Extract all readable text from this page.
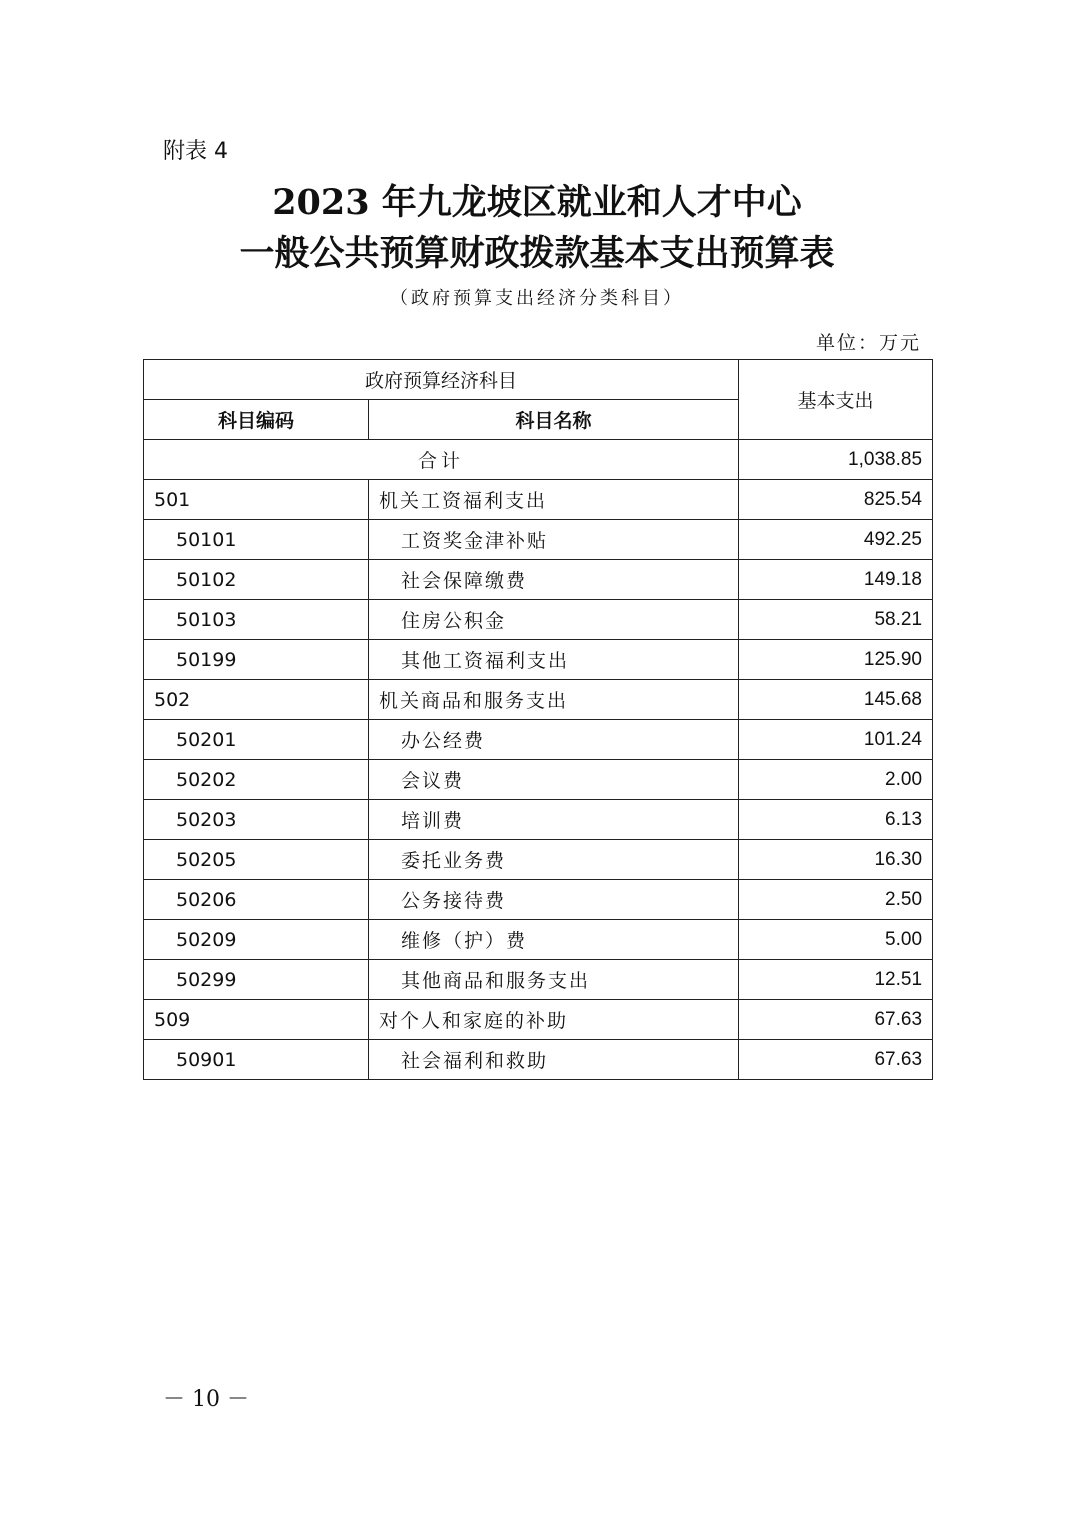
附表 4
2023 年九龙坡区就业和人才中心
一般公共预算财政拨款基本支出预算表
（政府预算支出经济分类科目）
单位：万元
政府预算经济科目		基本支出
科目编码	科目名称	
合计		1,038.85
501	机关工资福利支出	825.54
50101	工资奖金津补贴	492.25
50102	社会保障缴费	149.18
50103	住房公积金	58.21
50199	其他工资福利支出	125.90
502	机关商品和服务支出	145.68
50201	办公经费	101.24
50202	会议费	2.00
50203	培训费	6.13
50205	委托业务费	16.30
50206	公务接待费	2.50
50209	维修（护）费	5.00
50299	其他商品和服务支出	12.51
509	对个人和家庭的补助	67.63
50901	社会福利和救助	67.63
－ 10 －
